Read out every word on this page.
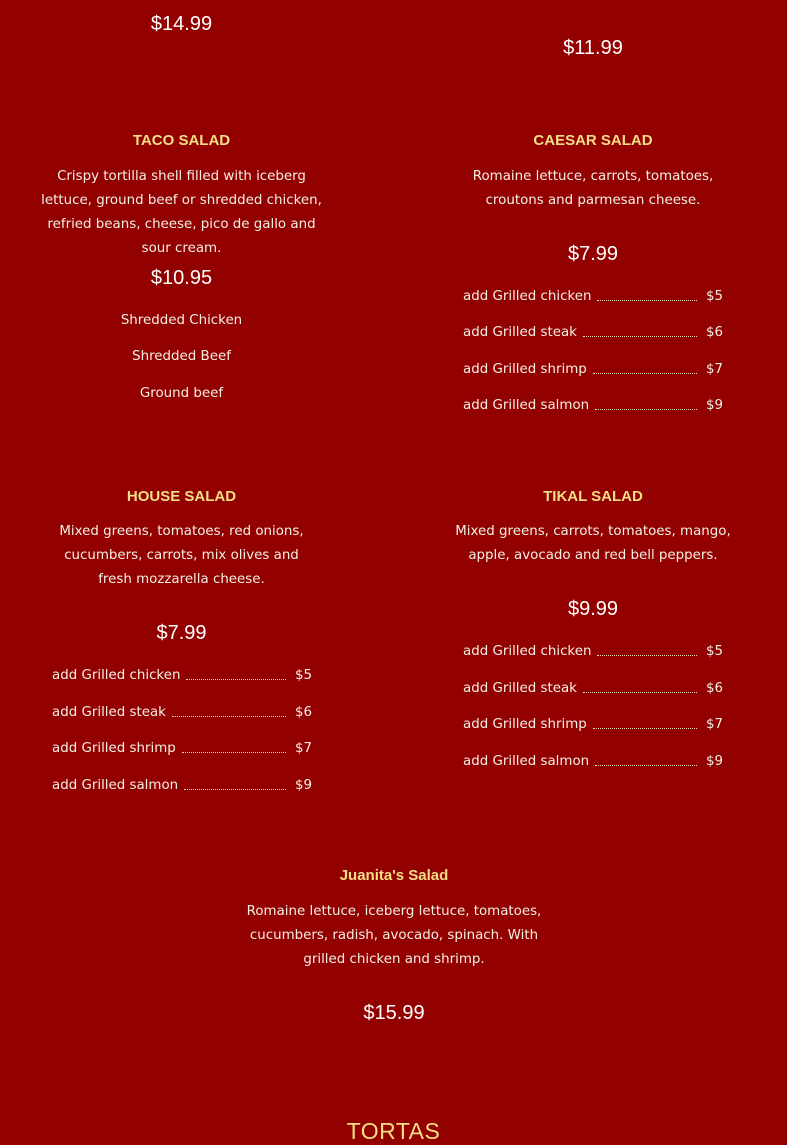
$14.99
$11.99
TACO SALAD
Crispy tortilla shell filled with iceberg lettuce, ground beef or shredded chicken, refried beans, cheese, pico de gallo and sour cream.
$10.95
Shredded Chicken
Shredded Beef
Ground beef
CAESAR SALAD
Romaine lettuce, carrots, tomatoes, croutons and parmesan cheese.
$7.99
add Grilled chicken	$5
add Grilled steak	$6
add Grilled shrimp	$7
add Grilled salmon	$9
HOUSE SALAD
Mixed greens, tomatoes, red onions, cucumbers, carrots, mix olives and fresh mozzarella cheese.
$7.99
add Grilled chicken	$5
add Grilled steak	$6
add Grilled shrimp	$7
add Grilled salmon	$9
TIKAL SALAD
Mixed greens, carrots, tomatoes, mango, apple, avocado and red bell peppers.
$9.99
add Grilled chicken	$5
add Grilled steak	$6
add Grilled shrimp	$7
add Grilled salmon	$9
Juanita's Salad
Romaine lettuce, iceberg lettuce, tomatoes, cucumbers, radish, avocado, spinach. With grilled chicken and shrimp.
$15.99
TORTAS
